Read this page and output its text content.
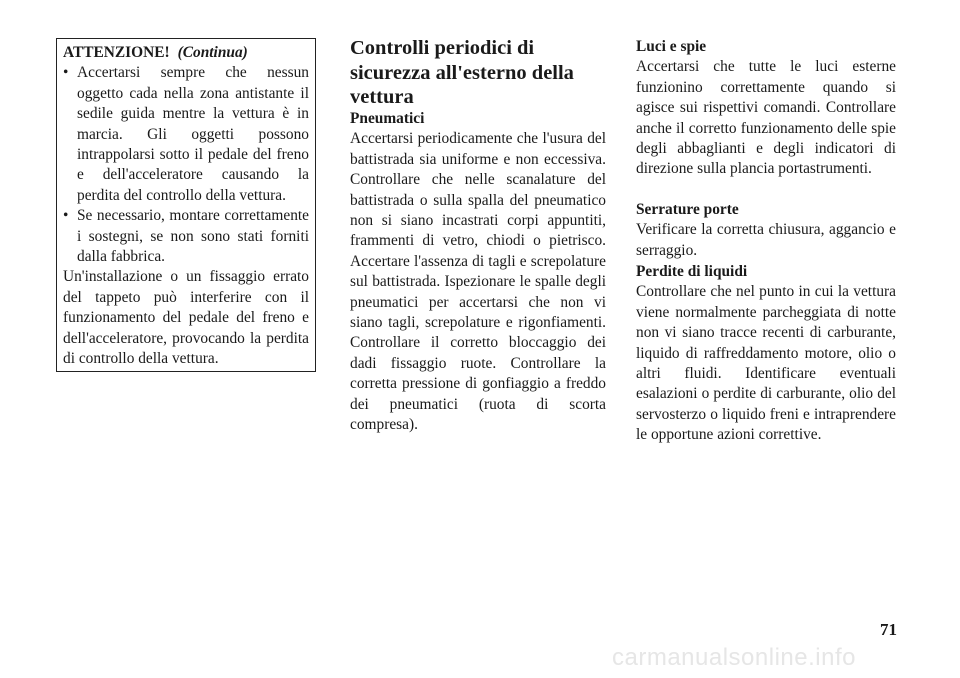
ATTENZIONE! (Continua)
• Accertarsi sempre che nessun oggetto cada nella zona antistante il sedile guida mentre la vettura è in marcia. Gli oggetti possono intrappolarsi sotto il pedale del freno e dell'acceleratore causando la perdita del controllo della vettura.
• Se necessario, montare correttamente i sostegni, se non sono stati forniti dalla fabbrica.

Un'installazione o un fissaggio errato del tappeto può interferire con il funzionamento del pedale del freno e dell'acceleratore, provocando la perdita di controllo della vettura.

Controlli periodici di sicurezza all'esterno della vettura
Pneumatici

Accertarsi periodicamente che l'usura del battistrada sia uniforme e non eccessiva. Controllare che nelle scanalature del battistrada o sulla spalla del pneumatico non si siano incastrati corpi appuntiti, frammenti di vetro, chiodi o pietrisco. Accertare l'assenza di tagli e screpolature sul battistrada. Ispezionare le spalle degli pneumatici per accertarsi che non vi siano tagli, screpolature e rigonfiamenti. Controllare il corretto bloccaggio dei dadi fissaggio ruote. Controllare la corretta pressione di gonfiaggio a freddo dei pneumatici (ruota di scorta compresa).

Luci e spie

Accertarsi che tutte le luci esterne funzionino correttamente quando si agisce sui rispettivi comandi. Controllare anche il corretto funzionamento delle spie degli abbaglianti e degli indicatori di direzione sulla plancia portastrumenti.

Serrature porte

Verificare la corretta chiusura, aggancio e serraggio.

Perdite di liquidi

Controllare che nel punto in cui la vettura viene normalmente parcheggiata di notte non vi siano tracce recenti di carburante, liquido di raffreddamento motore, olio o altri fluidi. Identificare eventuali esalazioni o perdite di carburante, olio del servosterzo o liquido freni e intraprendere le opportune azioni correttive.

71
carmanualsonline.info
